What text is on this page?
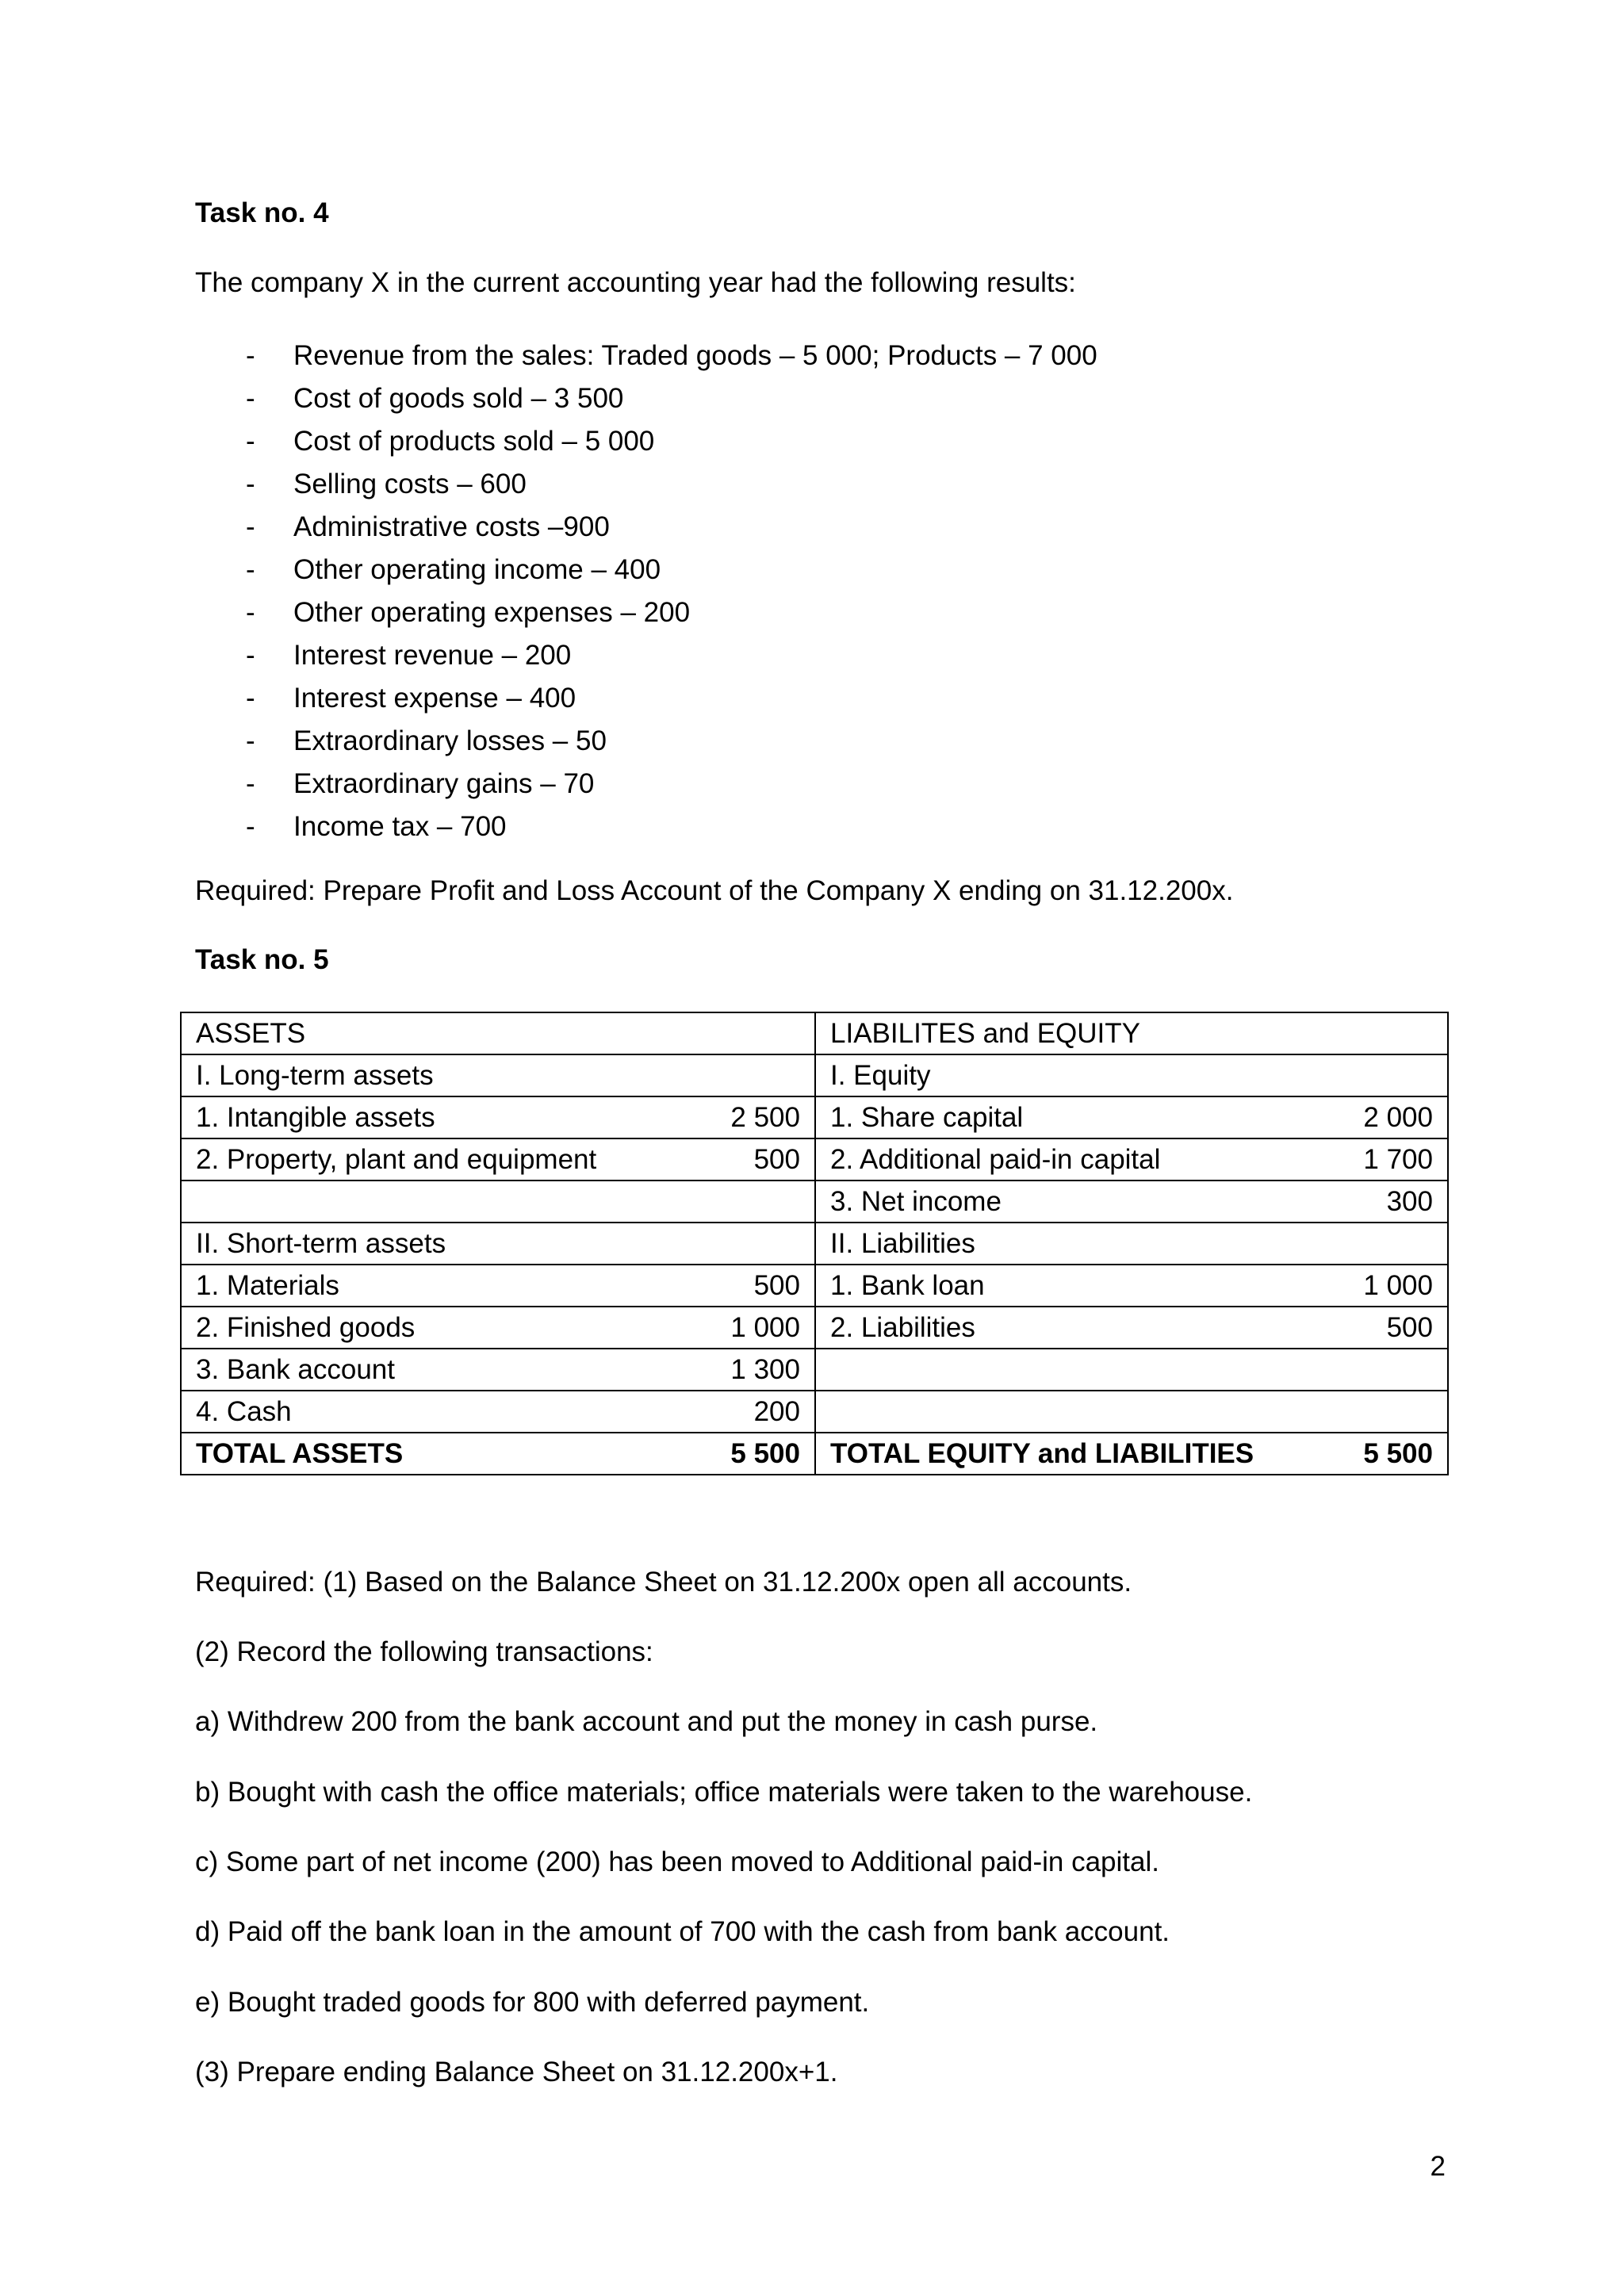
Task no. 4
The company X in the current accounting year had the following results:
- Revenue from the sales: Traded goods – 5 000; Products – 7 000
- Cost of goods sold – 3 500
- Cost of products sold – 5 000
- Selling costs – 600
- Administrative costs –900
- Other operating income – 400
- Other operating expenses – 200
- Interest revenue – 200
- Interest expense – 400
- Extraordinary losses – 50
- Extraordinary gains – 70
- Income tax – 700
Required: Prepare Profit and Loss Account of the Company X ending on 31.12.200x.
Task no. 5
ASSETS		LIABILITES and EQUITY	
I. Long-term assets		I. Equity	
1. Intangible assets	2 500	1. Share capital	2 000
2. Property, plant and equipment	500	2. Additional paid-in capital	1 700
		3. Net income	300
II. Short-term assets		II. Liabilities	
1. Materials	500	1. Bank loan	1 000
2. Finished goods	1 000	2. Liabilities	500
3. Bank account	1 300		
4. Cash	200		
TOTAL ASSETS	5 500	TOTAL EQUITY and LIABILITIES	5 500
Required: (1) Based on the Balance Sheet on 31.12.200x open all accounts.
(2) Record the following transactions:
a) Withdrew 200 from the bank account and put the money in cash purse.
b) Bought with cash the office materials; office materials were taken to the warehouse.
c) Some part of net income (200) has been moved to Additional paid-in capital.
d) Paid off the bank loan in the amount of 700 with the cash from bank account.
e) Bought traded goods for 800 with deferred payment.
(3) Prepare ending Balance Sheet on 31.12.200x+1.
2
